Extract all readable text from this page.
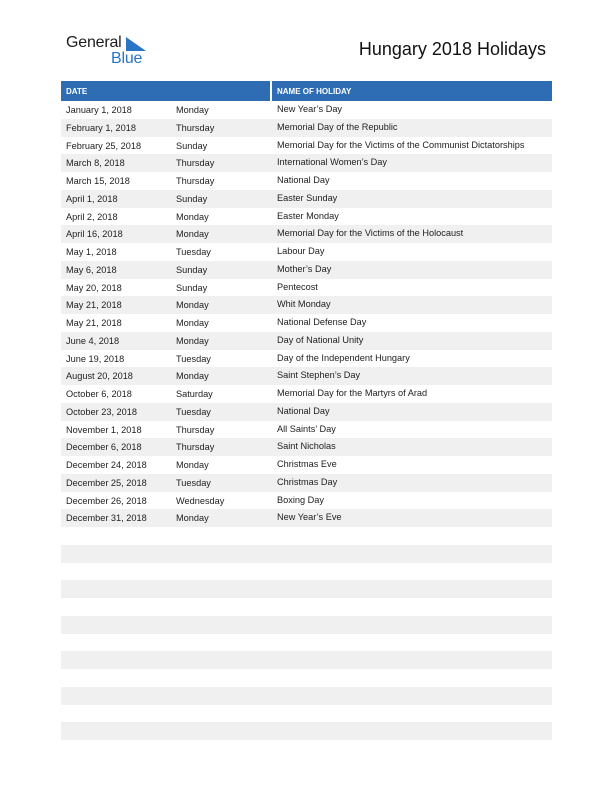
General
Blue	Hungary 2018 Holidays
DATE	NAME OF HOLIDAY
January 1, 2018	Monday	New Year’s Day
February 1, 2018	Thursday	Memorial Day of the Republic
February 25, 2018	Sunday	Memorial Day for the Victims of the Communist Dictatorships
March 8, 2018	Thursday	International Women’s Day
March 15, 2018	Thursday	National Day
April 1, 2018	Sunday	Easter Sunday
April 2, 2018	Monday	Easter Monday
April 16, 2018	Monday	Memorial Day for the Victims of the Holocaust
May 1, 2018	Tuesday	Labour Day
May 6, 2018	Sunday	Mother’s Day
May 20, 2018	Sunday	Pentecost
May 21, 2018	Monday	Whit Monday
May 21, 2018	Monday	National Defense Day
June 4, 2018	Monday	Day of National Unity
June 19, 2018	Tuesday	Day of the Independent Hungary
August 20, 2018	Monday	Saint Stephen’s Day
October 6, 2018	Saturday	Memorial Day for the Martyrs of Arad
October 23, 2018	Tuesday	National Day
November 1, 2018	Thursday	All Saints’ Day
December 6, 2018	Thursday	Saint Nicholas
December 24, 2018	Monday	Christmas Eve
December 25, 2018	Tuesday	Christmas Day
December 26, 2018	Wednesday	Boxing Day
December 31, 2018	Monday	New Year’s Eve
